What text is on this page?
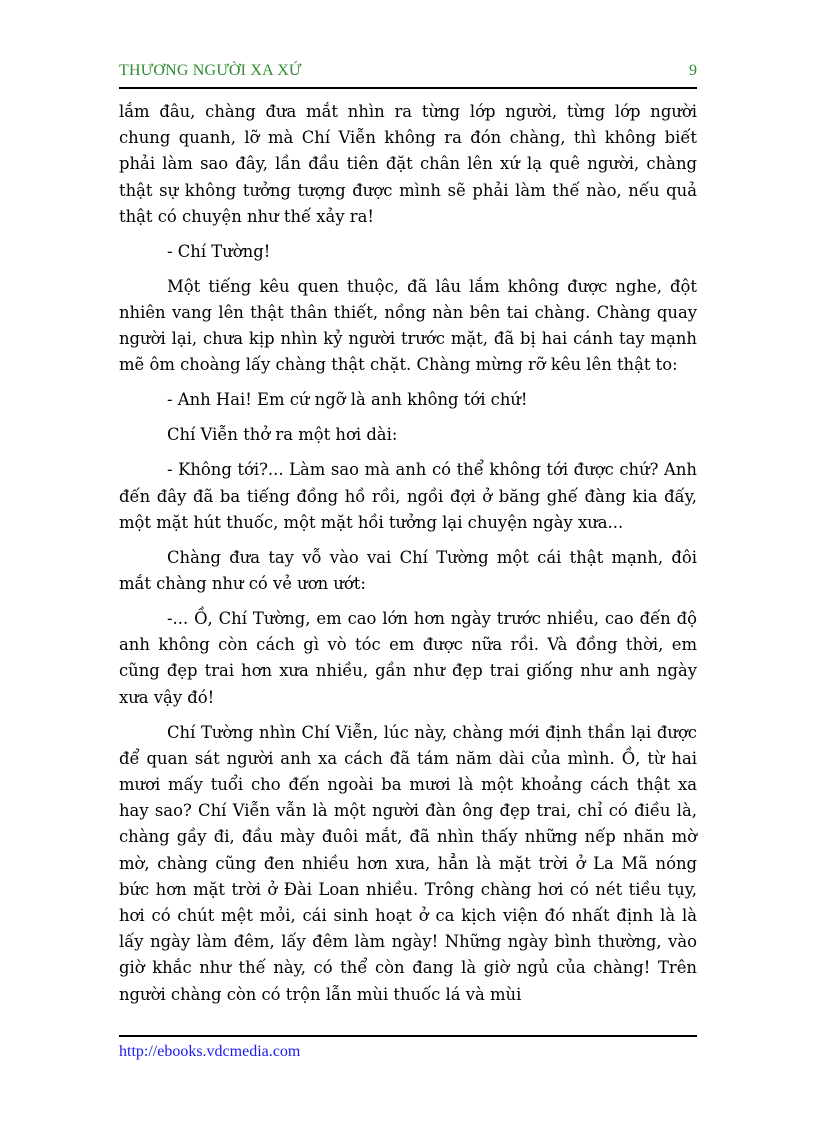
THƯƠNG NGƯỜI XA XỨ	9

lắm đâu, chàng đưa mắt nhìn ra từng lớp người, từng lớp người chung quanh, lỡ mà Chí Viễn không ra đón chàng, thì không biết phải làm sao đây, lần đầu tiên đặt chân lên xứ lạ quê người, chàng thật sự không tưởng tượng được mình sẽ phải làm thế nào, nếu quả thật có chuyện như thế xảy ra!

- Chí Tường!

Một tiếng kêu quen thuộc, đã lâu lắm không được nghe, đột nhiên vang lên thật thân thiết, nồng nàn bên tai chàng. Chàng quay người lại, chưa kịp nhìn kỷ người trước mặt, đã bị hai cánh tay mạnh mẽ ôm choàng lấy chàng thật chặt. Chàng mừng rỡ kêu lên thật to:

- Anh Hai! Em cứ ngỡ là anh không tới chứ!

Chí Viễn thở ra một hơi dài:

- Không tới?... Làm sao mà anh có thể không tới được chứ? Anh đến đây đã ba tiếng đồng hồ rồi, ngồi đợi ở băng ghế đàng kia đấy, một mặt hút thuốc, một mặt hồi tưởng lại chuyện ngày xưa...

Chàng đưa tay vỗ vào vai Chí Tường một cái thật mạnh, đôi mắt chàng như có vẻ ươn ướt:

-... Ồ, Chí Tường, em cao lớn hơn ngày trước nhiều, cao đến độ anh không còn cách gì vò tóc em được nữa rồi. Và đồng thời, em cũng đẹp trai hơn xưa nhiều, gần như đẹp trai giống như anh ngày xưa vậy đó!

Chí Tường nhìn Chí Viễn, lúc này, chàng mới định thần lại được để quan sát người anh xa cách đã tám năm dài của mình. Ồ, từ hai mươi mấy tuổi cho đến ngoài ba mươi là một khoảng cách thật xa hay sao? Chí Viễn vẫn là một người đàn ông đẹp trai, chỉ có điều là, chàng gầy đi, đầu mày đuôi mắt, đã nhìn thấy những nếp nhăn mờ mờ, chàng cũng đen nhiều hơn xưa, hẳn là mặt trời ở La Mã nóng bức hơn mặt trời ở Đài Loan nhiều. Trông chàng hơi có nét tiều tụy, hơi có chút mệt mỏi, cái sinh hoạt ở ca kịch viện đó nhất định là là lấy ngày làm đêm, lấy đêm làm ngày! Những ngày bình thường, vào giờ khắc như thế này, có thể còn đang là giờ ngủ của chàng! Trên người chàng còn có trộn lẫn mùi thuốc lá và mùi

http://ebooks.vdcmedia.com
